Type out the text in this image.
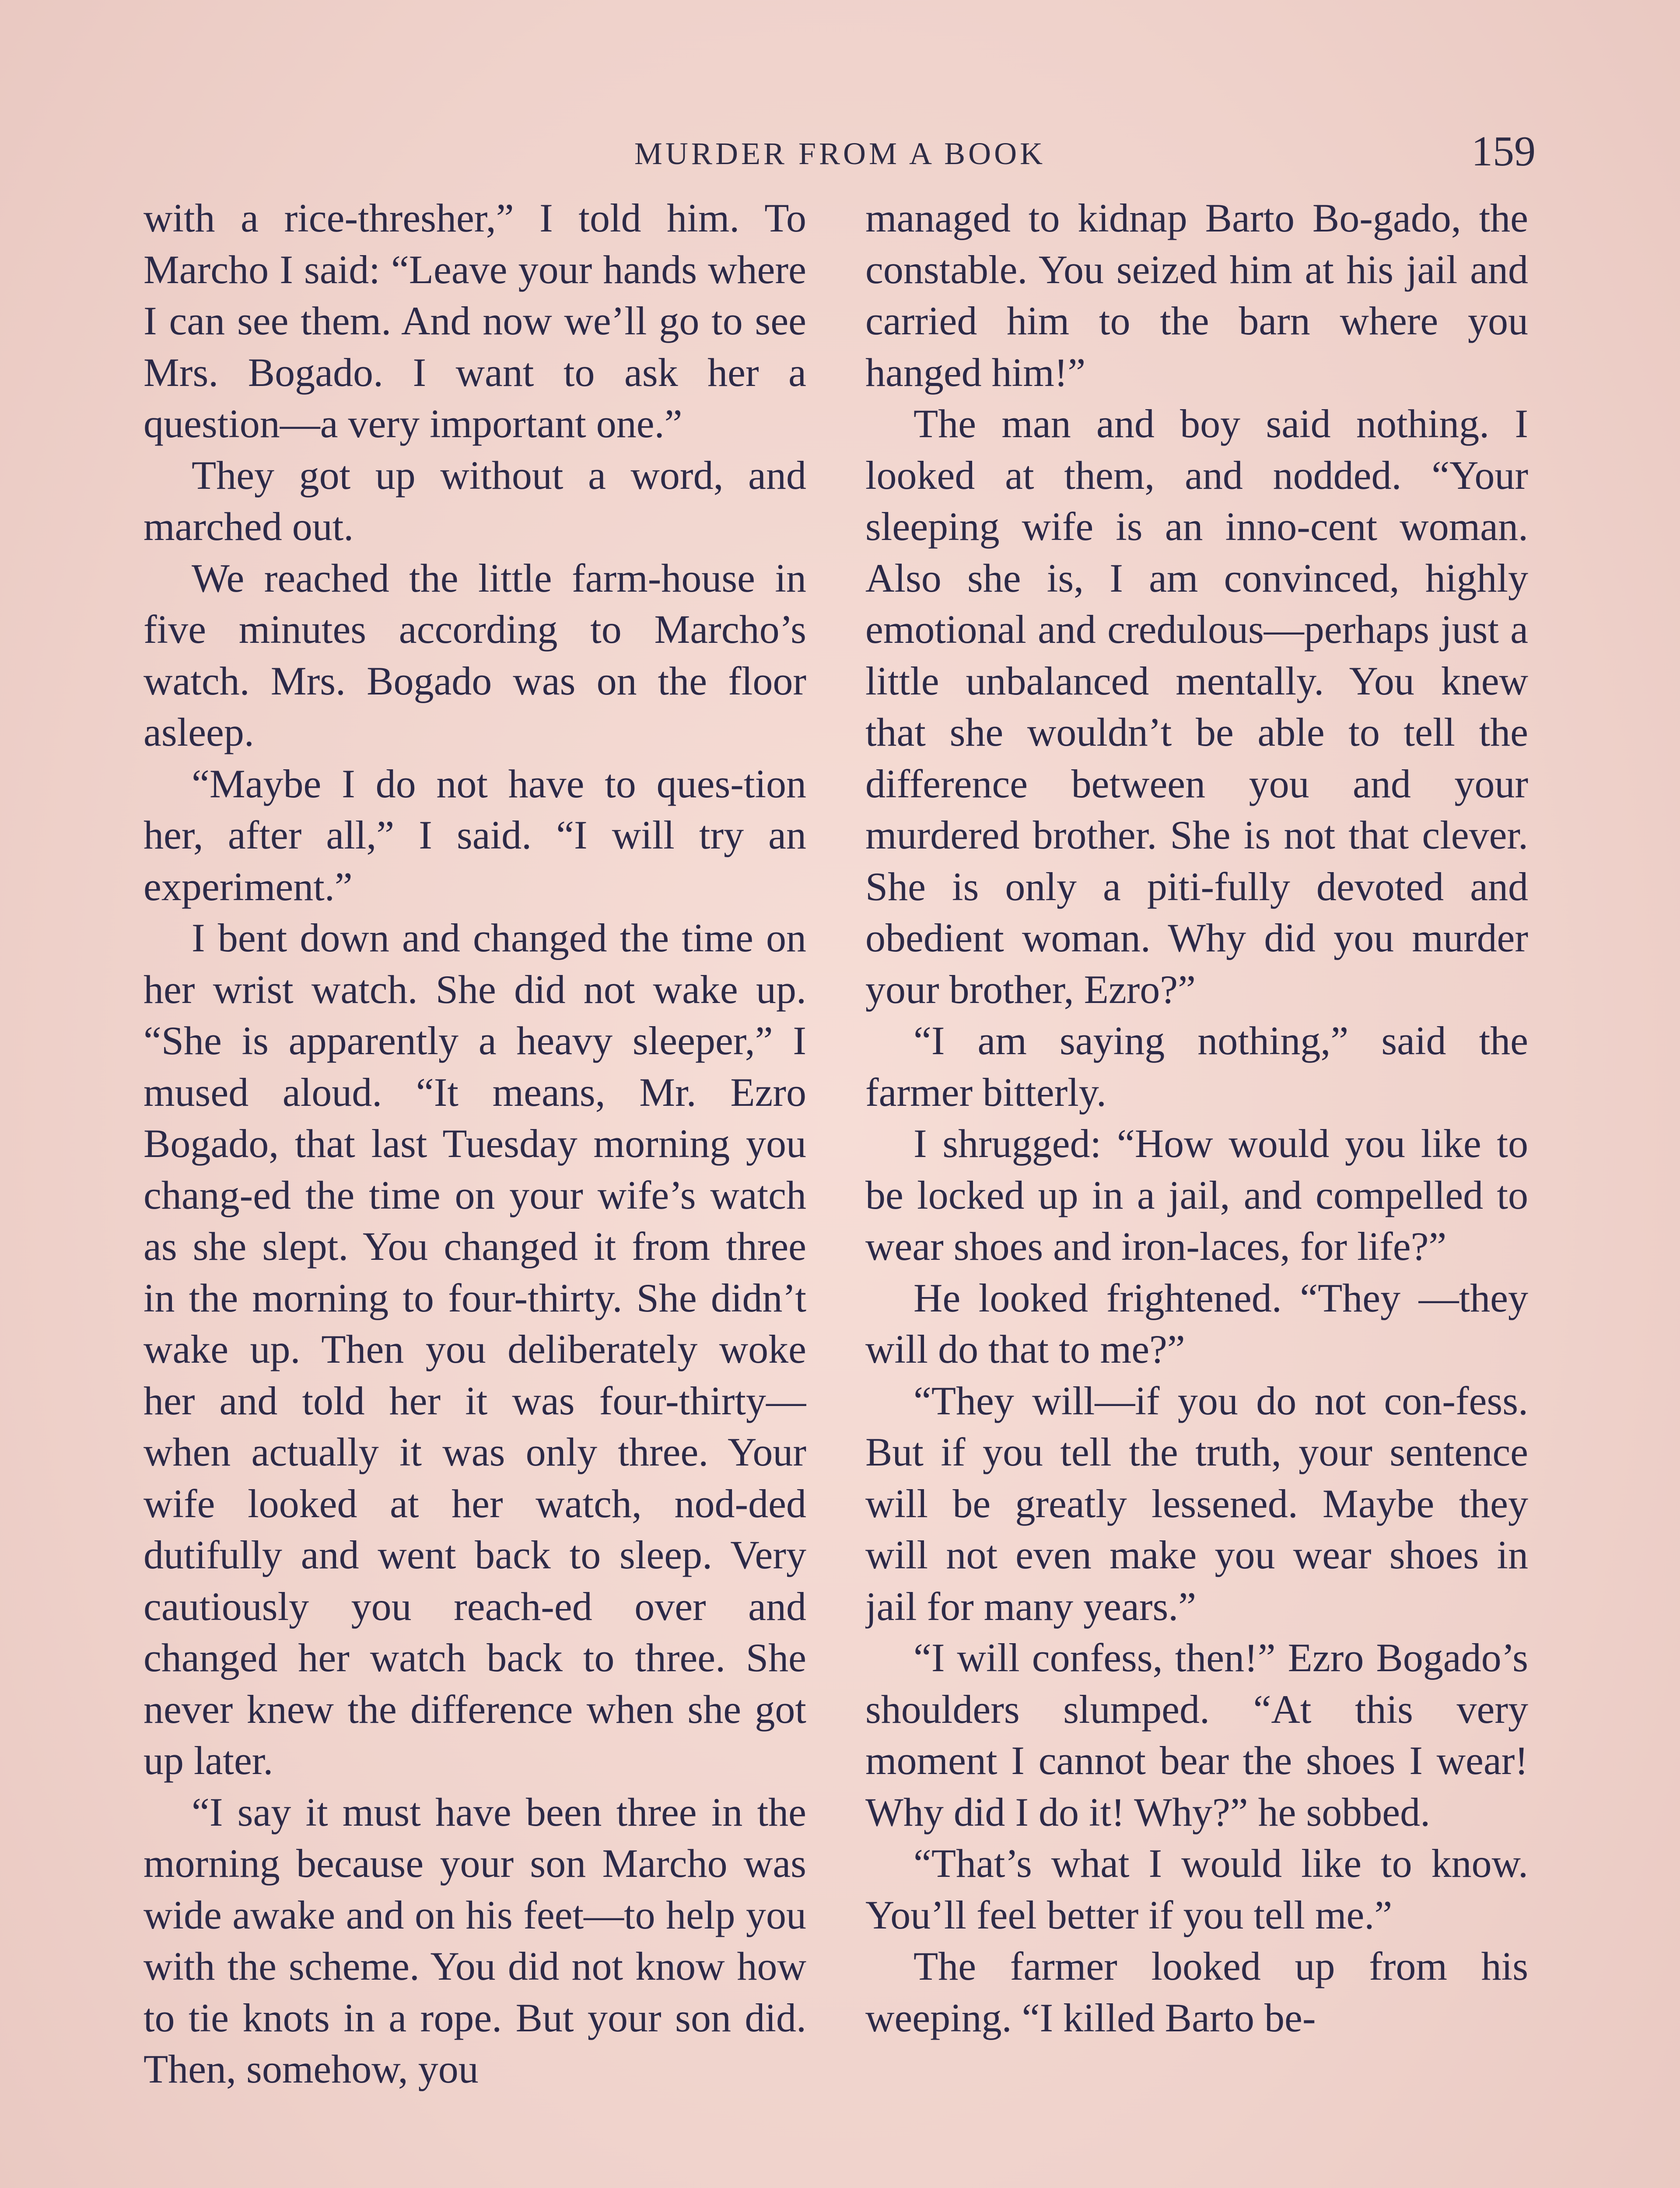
MURDER FROM A BOOK	159

with a rice-thresher,” I told him. To Marcho I said: “Leave your hands where I can see them. And now we’ll go to see Mrs. Bogado. I want to ask her a question—a very important one.”

They got up without a word, and marched out.

We reached the little farm-house in five minutes according to Marcho’s watch. Mrs. Bogado was on the floor asleep.

“Maybe I do not have to ques-tion her, after all,” I said. “I will try an experiment.”

I bent down and changed the time on her wrist watch. She did not wake up. “She is apparently a heavy sleeper,” I mused aloud. “It means, Mr. Ezro Bogado, that last Tuesday morning you chang-ed the time on your wife’s watch as she slept. You changed it from three in the morning to four-thirty. She didn’t wake up. Then you deliberately woke her and told her it was four-thirty—when actually it was only three. Your wife looked at her watch, nod-ded dutifully and went back to sleep. Very cautiously you reach-ed over and changed her watch back to three. She never knew the difference when she got up later.

“I say it must have been three in the morning because your son Marcho was wide awake and on his feet—to help you with the scheme. You did not know how to tie knots in a rope. But your son did. Then, somehow, you

managed to kidnap Barto Bo-gado, the constable. You seized him at his jail and carried him to the barn where you hanged him!”

The man and boy said nothing. I looked at them, and nodded. “Your sleeping wife is an inno-cent woman. Also she is, I am convinced, highly emotional and credulous—perhaps just a little unbalanced mentally. You knew that she wouldn’t be able to tell the difference between you and your murdered brother. She is not that clever. She is only a piti-fully devoted and obedient woman. Why did you murder your brother, Ezro?”

“I am saying nothing,” said the farmer bitterly.

I shrugged: “How would you like to be locked up in a jail, and compelled to wear shoes and iron-laces, for life?”

He looked frightened. “They —they will do that to me?”

“They will—if you do not con-fess. But if you tell the truth, your sentence will be greatly lessened. Maybe they will not even make you wear shoes in jail for many years.”

“I will confess, then!” Ezro Bogado’s shoulders slumped. “At this very moment I cannot bear the shoes I wear! Why did I do it! Why?” he sobbed.

“That’s what I would like to know. You’ll feel better if you tell me.”

The farmer looked up from his weeping. “I killed Barto be-
